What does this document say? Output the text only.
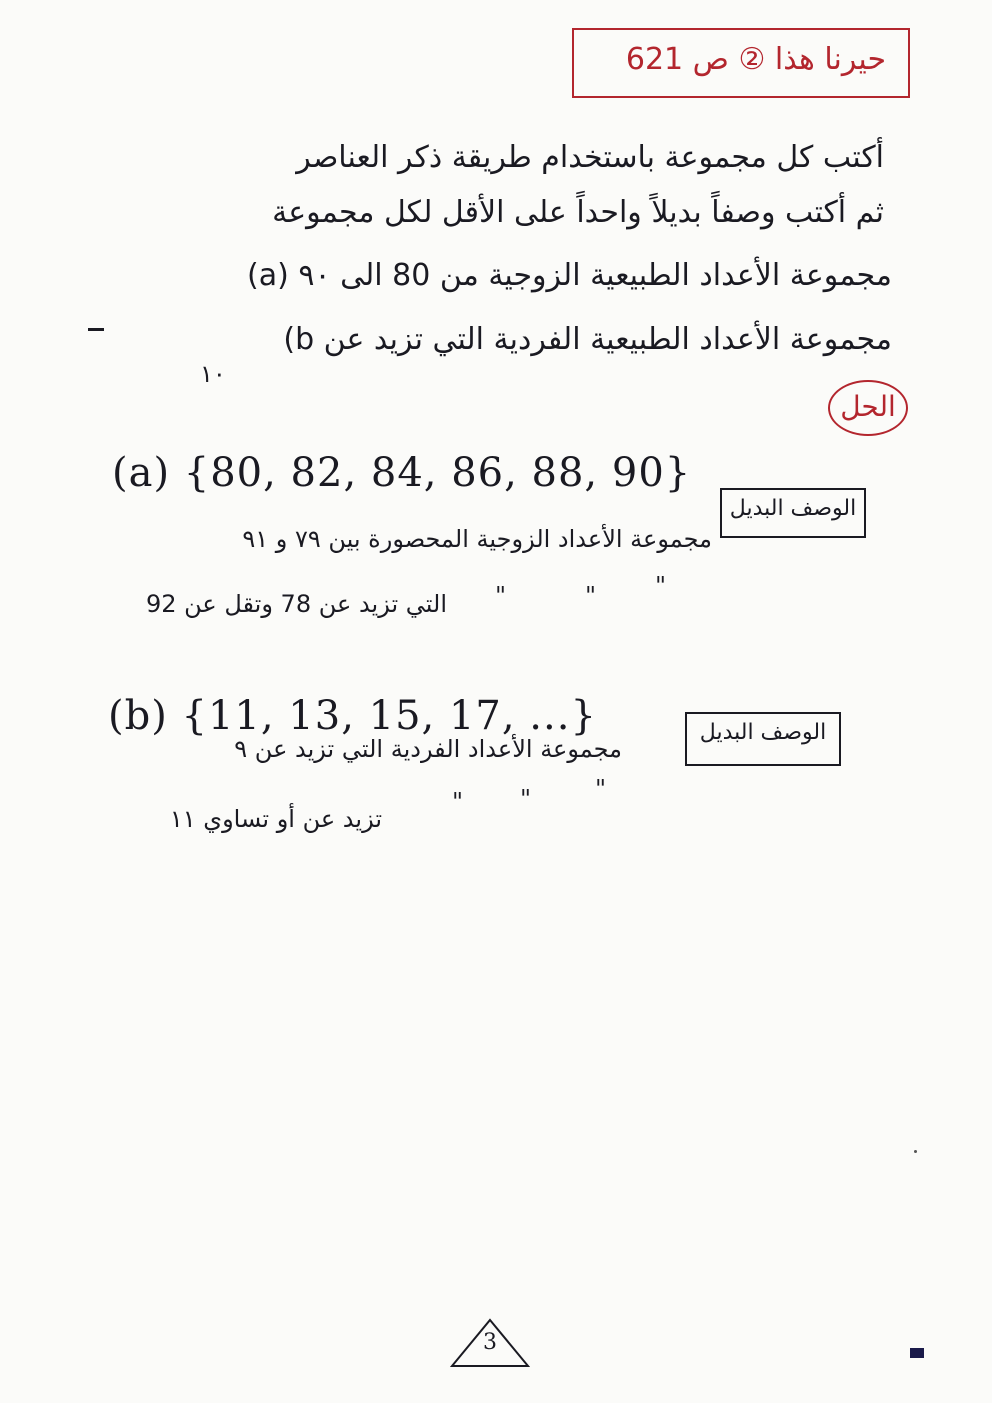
حيرنا هذا ② ص 621
أكتب كل مجموعة باستخدام طريقة ذكر العناصر
ثم أكتب وصفاً بديلاً واحداً على الأقل لكل مجموعة
(a) مجموعة الأعداد الطبيعية الزوجية من 80 الى ٩٠
(b مجموعة الأعداد الطبيعية الفردية التي تزيد عن
١٠
الحل
(a) {80, 82, 84, 86, 88, 90}
الوصف البديل
مجموعة الأعداد الزوجية المحصورة بين ٧٩ و ٩١
"
"
"
التي تزيد عن 78 وتقل عن 92
(b) {11, 13, 15, 17, ...}	الوصف البديل
مجموعة الأعداد الفردية التي تزيد عن ٩
"
"
"
تزيد عن أو تساوي ١١
3
